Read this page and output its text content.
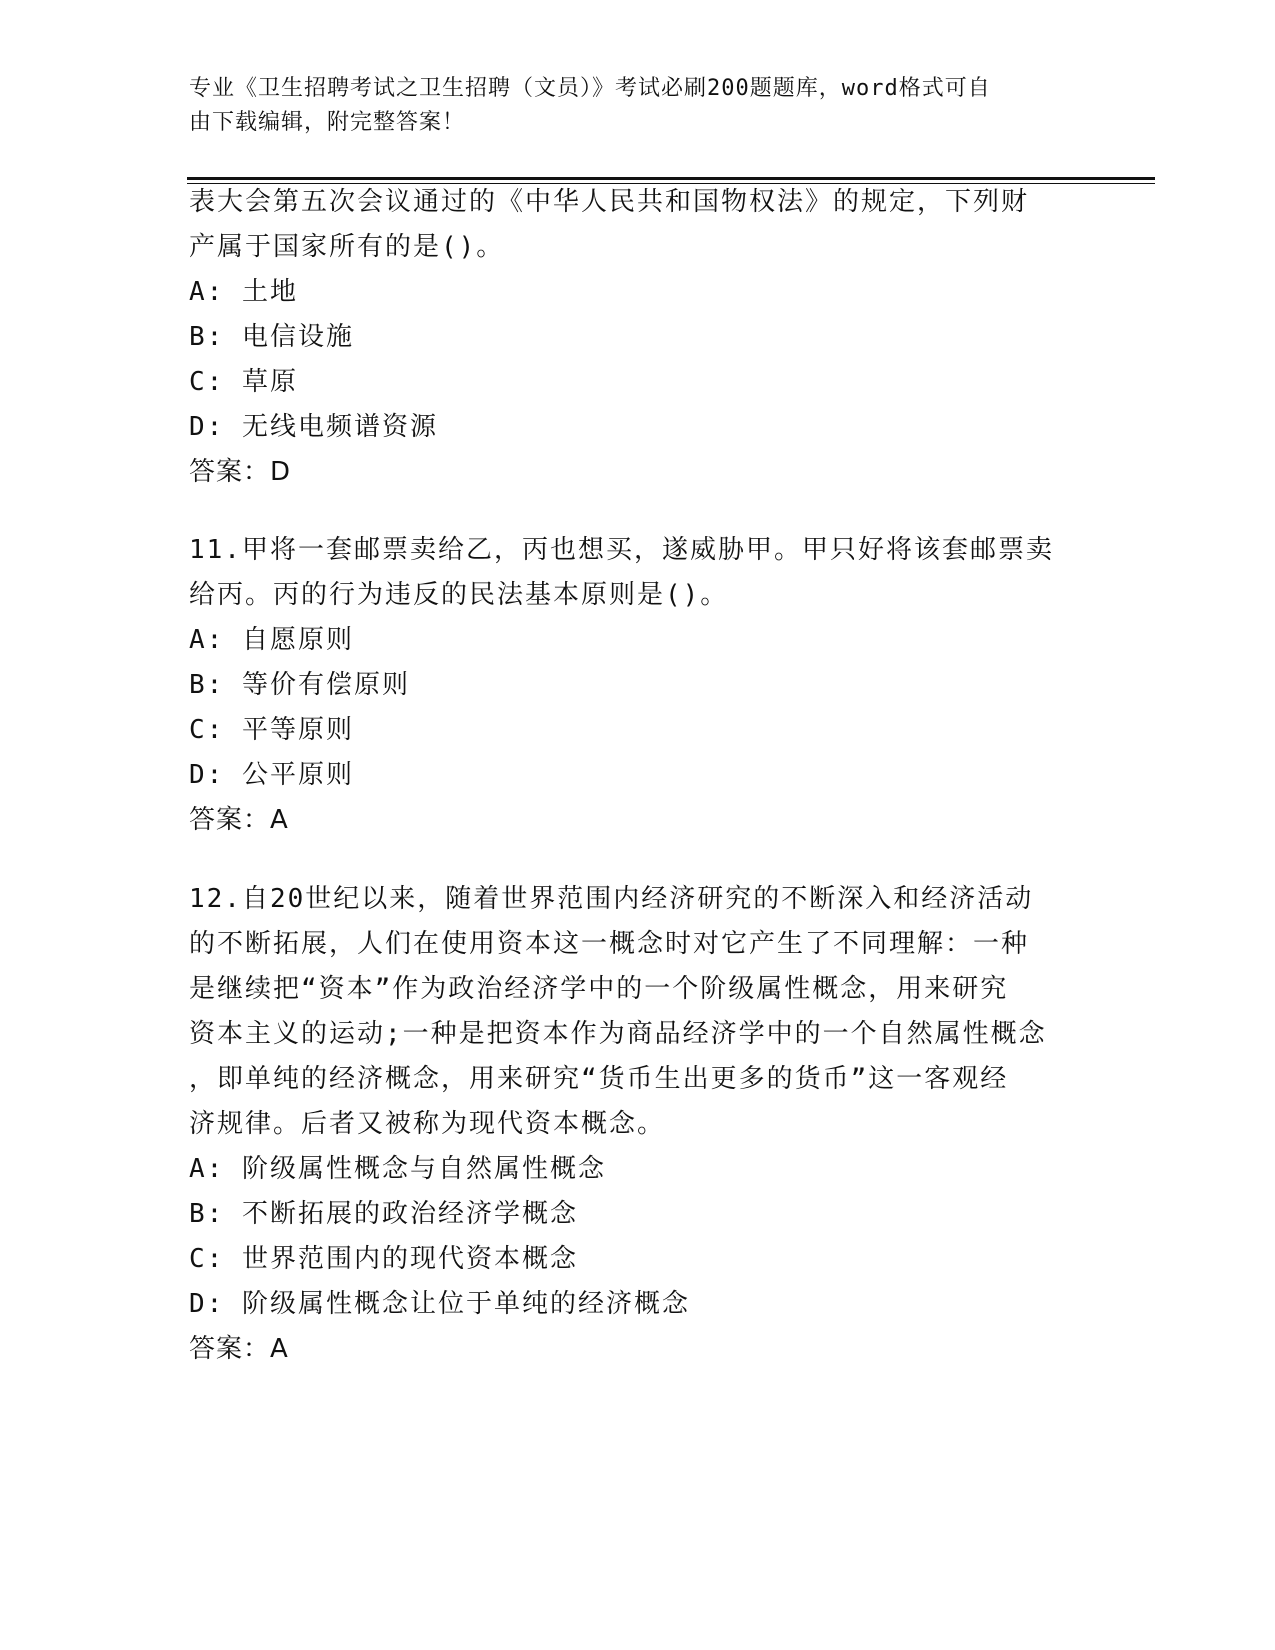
专业《卫生招聘考试之卫生招聘（文员）》考试必刷200题题库，word格式可自
由下载编辑，附完整答案！
表大会第五次会议通过的《中华人民共和国物权法》的规定，下列财
产属于国家所有的是()。
A: 土地
B: 电信设施
C: 草原
D: 无线电频谱资源
答案：D
11.甲将一套邮票卖给乙，丙也想买，遂威胁甲。甲只好将该套邮票卖
给丙。丙的行为违反的民法基本原则是()。
A: 自愿原则
B: 等价有偿原则
C: 平等原则
D: 公平原则
答案：A
12.自20世纪以来，随着世界范围内经济研究的不断深入和经济活动
的不断拓展，人们在使用资本这一概念时对它产生了不同理解：一种
是继续把“资本”作为政治经济学中的一个阶级属性概念，用来研究
资本主义的运动;一种是把资本作为商品经济学中的一个自然属性概念
，即单纯的经济概念，用来研究“货币生出更多的货币”这一客观经
济规律。后者又被称为现代资本概念。
A: 阶级属性概念与自然属性概念
B: 不断拓展的政治经济学概念
C: 世界范围内的现代资本概念
D: 阶级属性概念让位于单纯的经济概念
答案：A
